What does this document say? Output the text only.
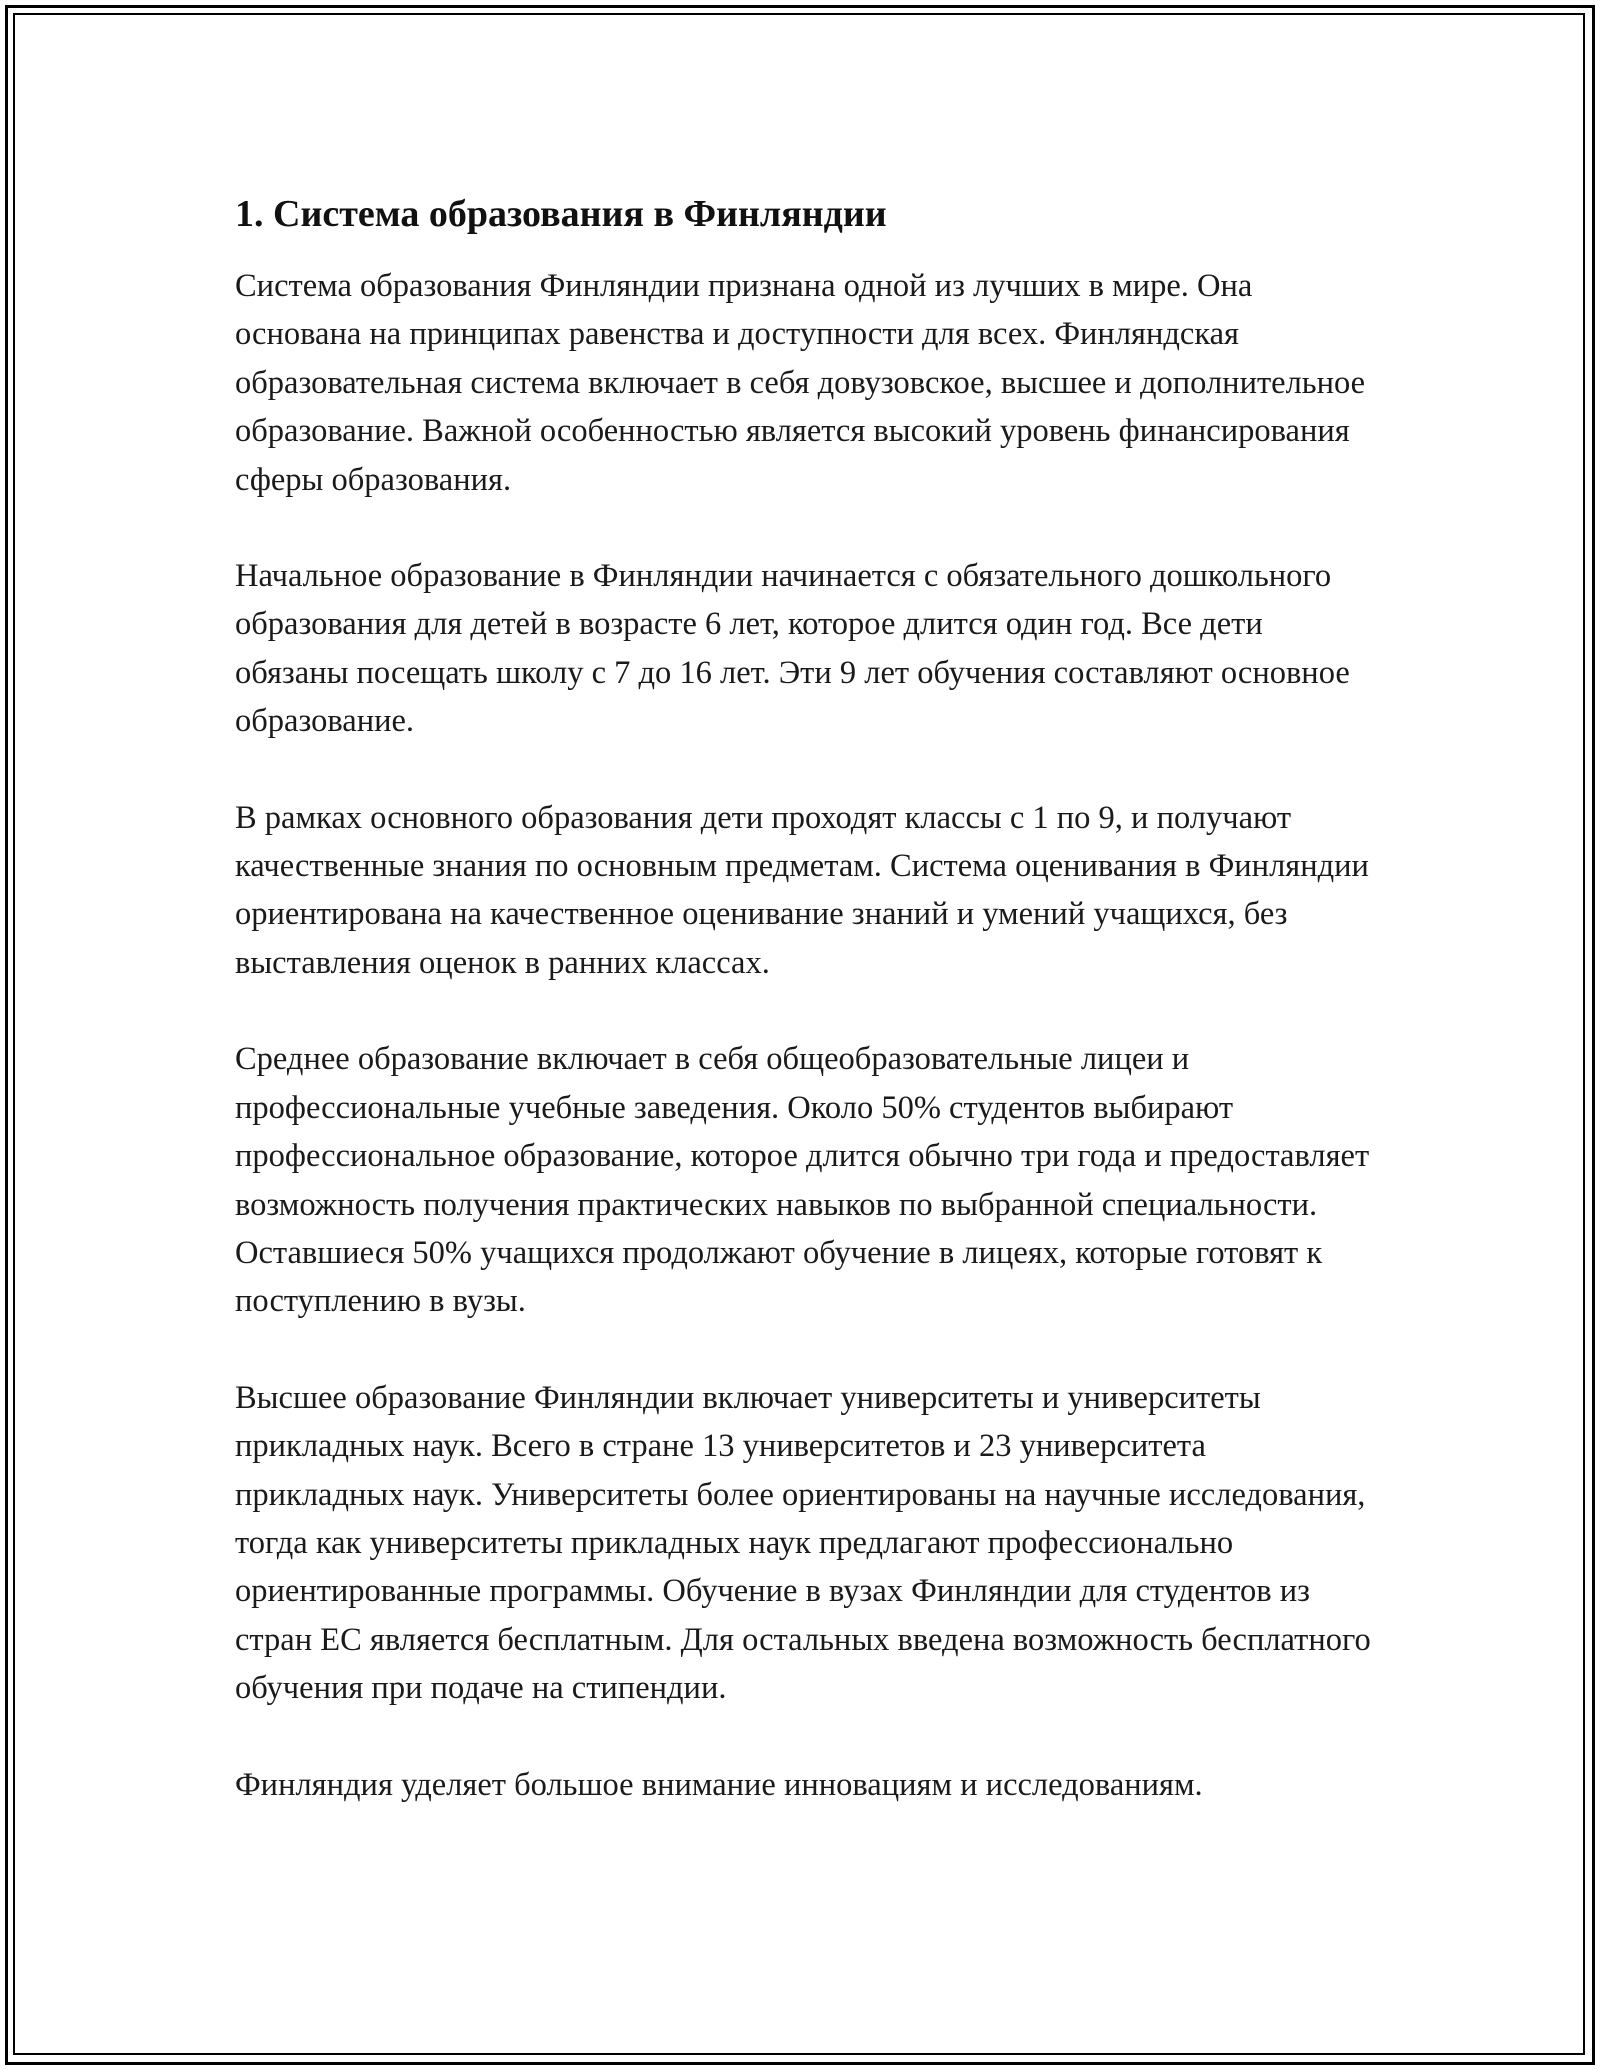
1. Система образования в Финляндии

Система образования Финляндии признана одной из лучших в мире. Она основана на принципах равенства и доступности для всех. Финляндская образовательная система включает в себя довузовское, высшее и дополнительное образование. Важной особенностью является высокий уровень финансирования сферы образования.

Начальное образование в Финляндии начинается с обязательного дошкольного образования для детей в возрасте 6 лет, которое длится один год. Все дети обязаны посещать школу с 7 до 16 лет. Эти 9 лет обучения составляют основное образование.

В рамках основного образования дети проходят классы с 1 по 9, и получают качественные знания по основным предметам. Система оценивания в Финляндии ориентирована на качественное оценивание знаний и умений учащихся, без выставления оценок в ранних классах.

Среднее образование включает в себя общеобразовательные лицеи и профессиональные учебные заведения. Около 50% студентов выбирают профессиональное образование, которое длится обычно три года и предоставляет возможность получения практических навыков по выбранной специальности. Оставшиеся 50% учащихся продолжают обучение в лицеях, которые готовят к поступлению в вузы.

Высшее образование Финляндии включает университеты и университеты прикладных наук. Всего в стране 13 университетов и 23 университета прикладных наук. Университеты более ориентированы на научные исследования, тогда как университеты прикладных наук предлагают профессионально ориентированные программы. Обучение в вузах Финляндии для студентов из стран ЕС является бесплатным. Для остальных введена возможность бесплатного обучения при подаче на стипендии.

Финляндия уделяет большое внимание инновациям и исследованиям.
